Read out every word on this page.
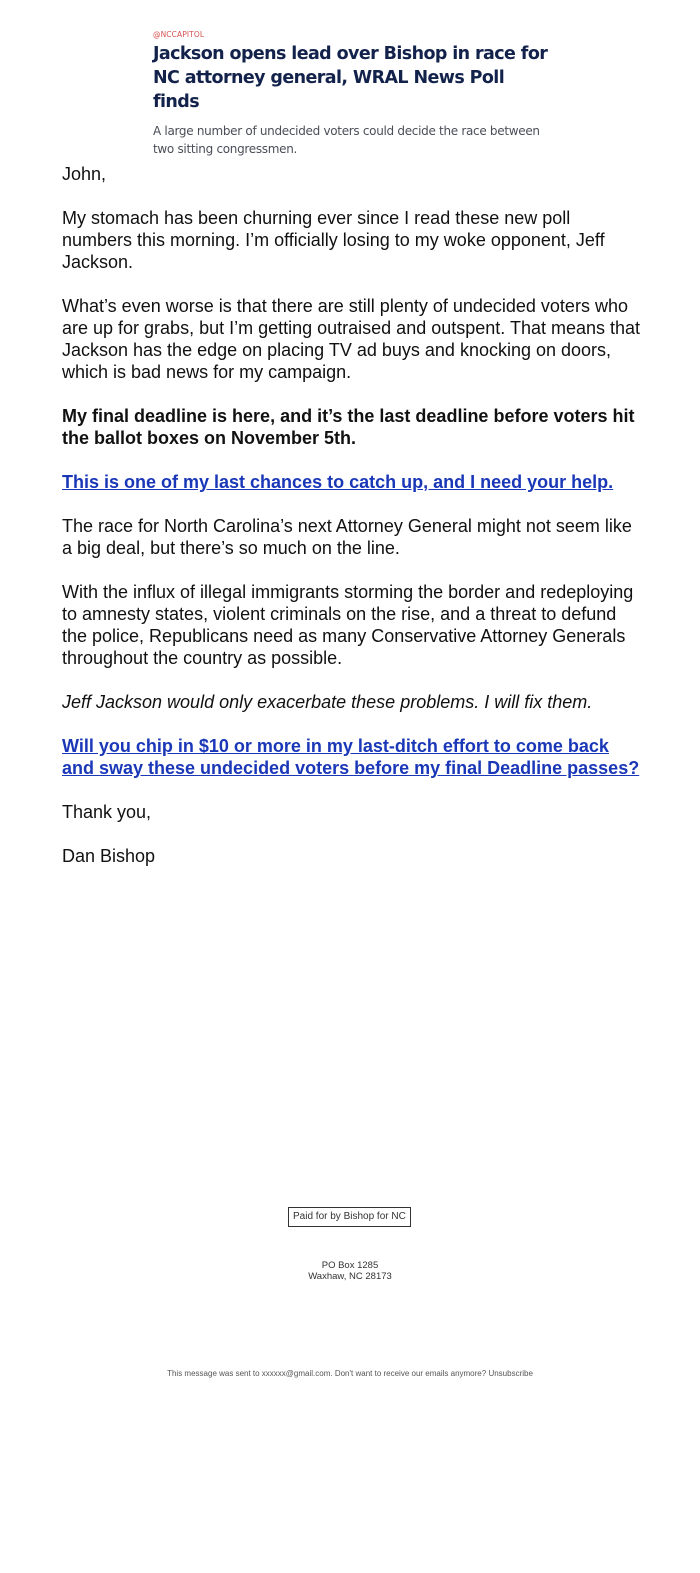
@NCCAPITOL

Jackson opens lead over Bishop in race for NC attorney general, WRAL News Poll finds

A large number of undecided voters could decide the race between two sitting congressmen.

John,

My stomach has been churning ever since I read these new poll numbers this morning. I’m officially losing to my woke opponent, Jeff Jackson.

What’s even worse is that there are still plenty of undecided voters who are up for grabs, but I’m getting outraised and outspent. That means that Jackson has the edge on placing TV ad buys and knocking on doors, which is bad news for my campaign.

My final deadline is here, and it’s the last deadline before voters hit the ballot boxes on November 5th.

This is one of my last chances to catch up, and I need your help.

The race for North Carolina’s next Attorney General might not seem like a big deal, but there’s so much on the line.

With the influx of illegal immigrants storming the border and redeploying to amnesty states, violent criminals on the rise, and a threat to defund the police, Republicans need as many Conservative Attorney Generals throughout the country as possible.

Jeff Jackson would only exacerbate these problems. I will fix them.

Will you chip in $10 or more in my last-ditch effort to come back and sway these undecided voters before my final Deadline passes?

Thank you,

Dan Bishop

Paid for by Bishop for NC
PO Box 1285
Waxhaw, NC 28173
This message was sent to xxxxxx@gmail.com. Don't want to receive our emails anymore? Unsubscribe
